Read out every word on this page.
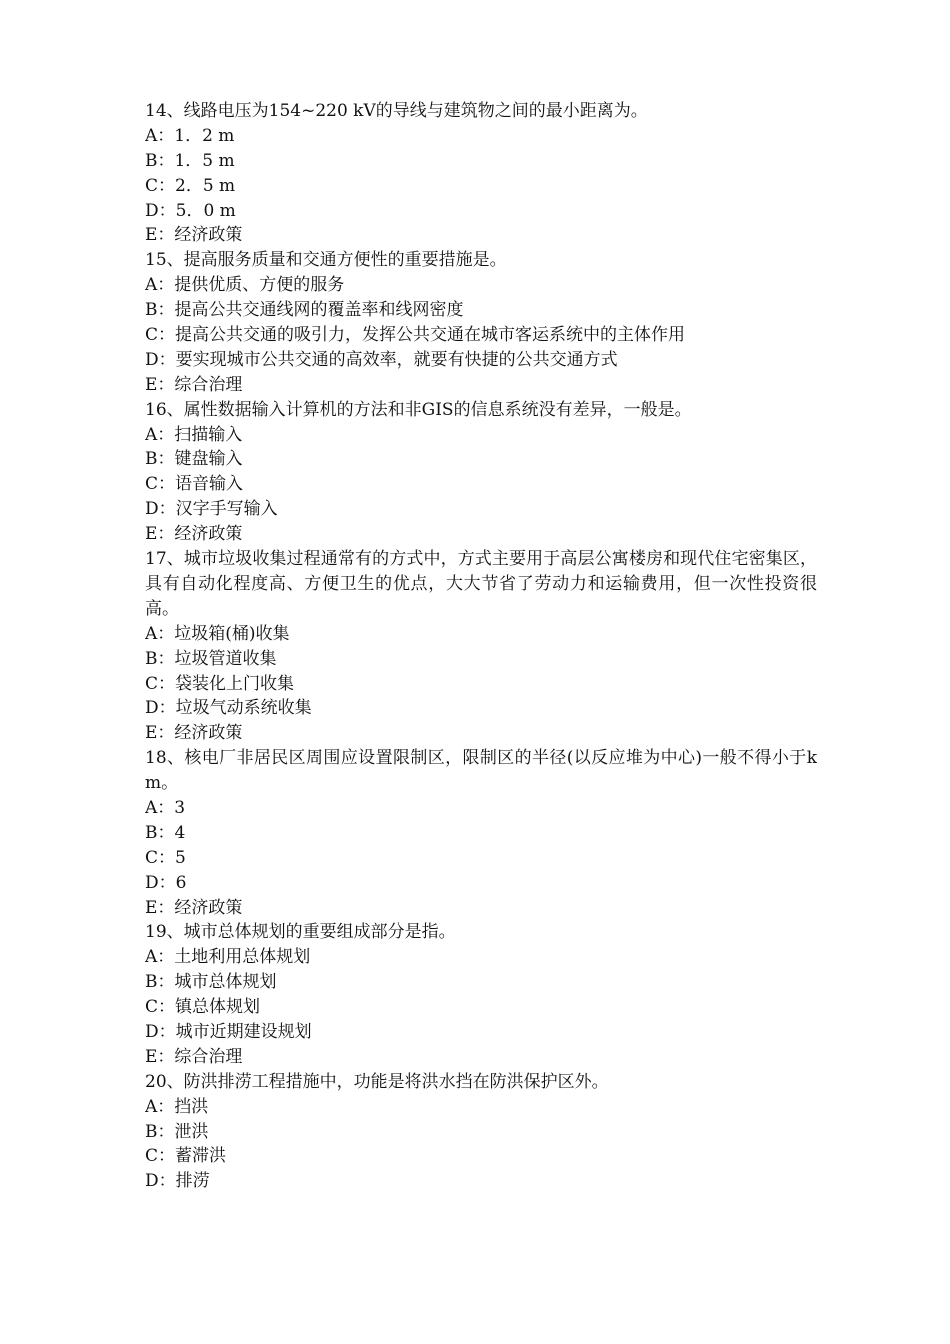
14、线路电压为154~220 kV的导线与建筑物之间的最小距离为。
A：1．2 m
B：1．5 m
C：2．5 m
D：5．0 m
E：经济政策
15、提高服务质量和交通方便性的重要措施是。
A：提供优质、方便的服务
B：提高公共交通线网的覆盖率和线网密度
C：提高公共交通的吸引力，发挥公共交通在城市客运系统中的主体作用
D：要实现城市公共交通的高效率，就要有快捷的公共交通方式
E：综合治理
16、属性数据输入计算机的方法和非GIS的信息系统没有差异，一般是。
A：扫描输入
B：键盘输入
C：语音输入
D：汉字手写输入
E：经济政策
17、城市垃圾收集过程通常有的方式中，方式主要用于高层公寓楼房和现代住宅密集区，具有自动化程度高、方便卫生的优点，大大节省了劳动力和运输费用，但一次性投资很高。
A：垃圾箱(桶)收集
B：垃圾管道收集
C：袋装化上门收集
D：垃圾气动系统收集
E：经济政策
18、核电厂非居民区周围应设置限制区，限制区的半径(以反应堆为中心)一般不得小于km。
A：3
B：4
C：5
D：6
E：经济政策
19、城市总体规划的重要组成部分是指。
A：土地利用总体规划
B：城市总体规划
C：镇总体规划
D：城市近期建设规划
E：综合治理
20、防洪排涝工程措施中，功能是将洪水挡在防洪保护区外。
A：挡洪
B：泄洪
C：蓄滞洪
D：排涝
